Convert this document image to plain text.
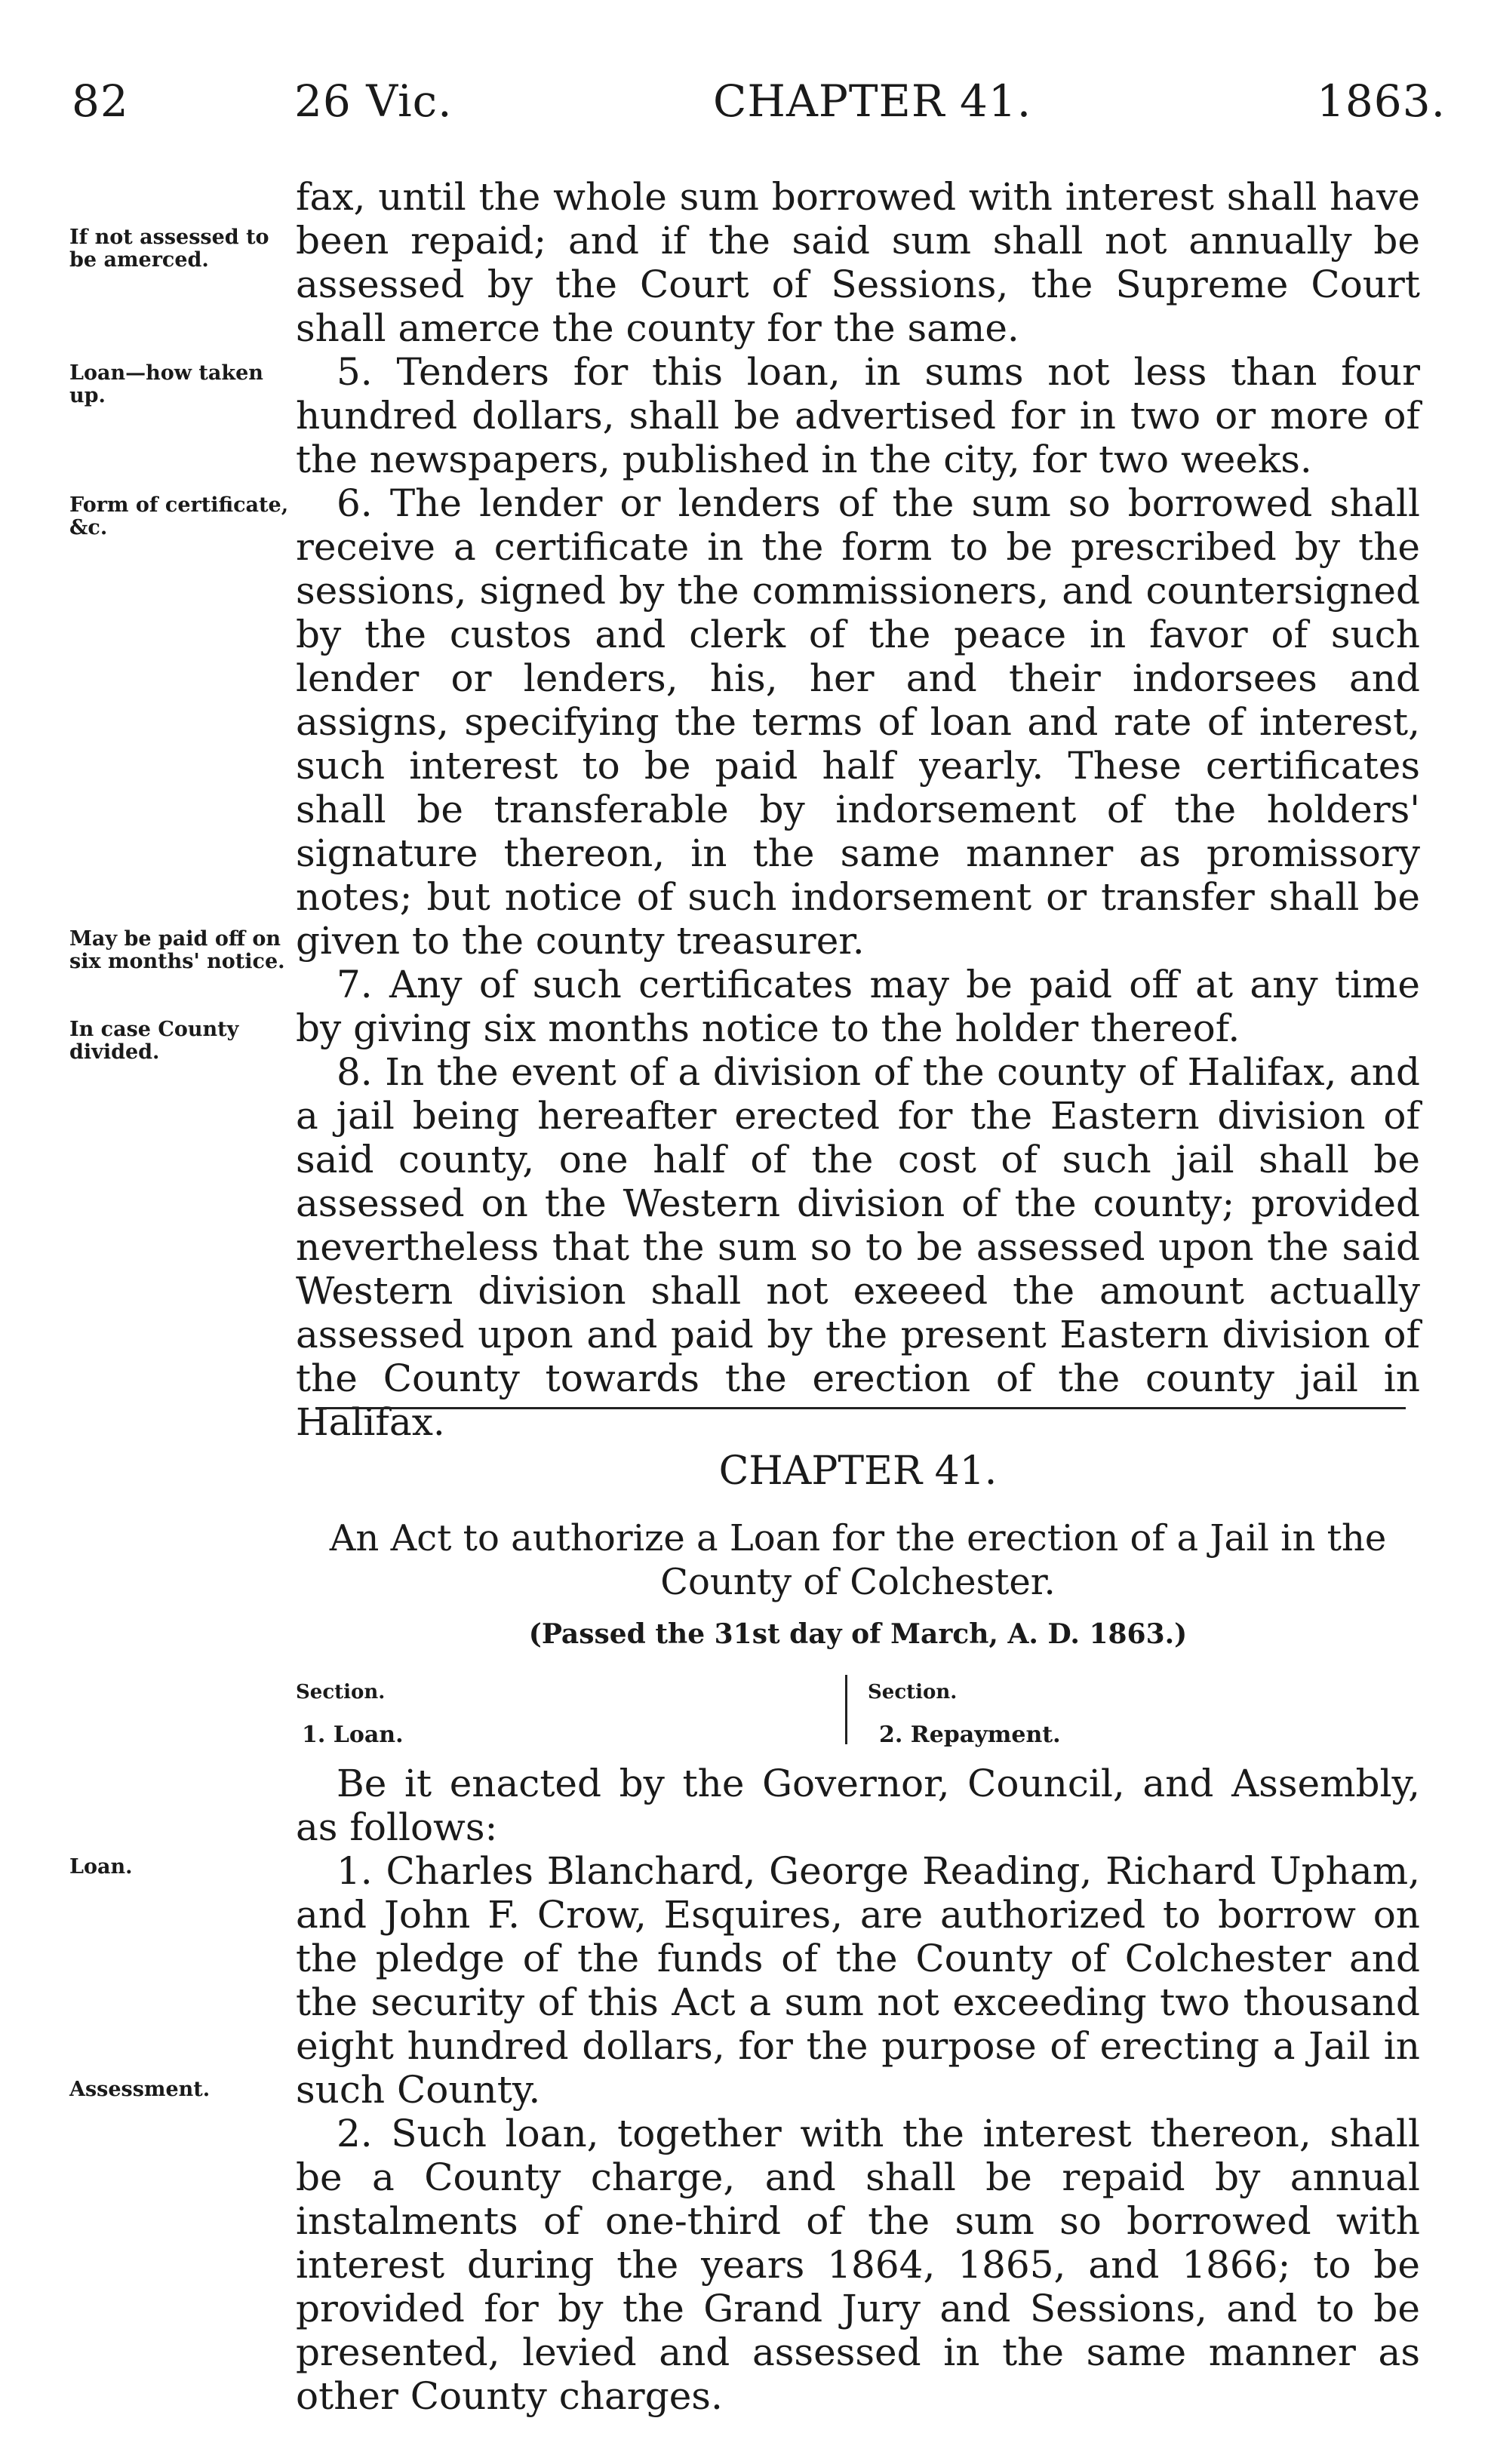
82	26 Vic.	CHAPTER 41.	1863.
If not assessed to be amerced.
Loan—how taken up.
Form of certificate, &c.
May be paid off on six months' notice.
In case County divided.
Loan.
Assessment.

fax, until the whole sum borrowed with interest shall have been repaid; and if the said sum shall not annually be assessed by the Court of Sessions, the Supreme Court shall amerce the county for the same.

5. Tenders for this loan, in sums not less than four hundred dollars, shall be advertised for in two or more of the newspapers, published in the city, for two weeks.

6. The lender or lenders of the sum so borrowed shall receive a certificate in the form to be prescribed by the sessions, signed by the commissioners, and countersigned by the custos and clerk of the peace in favor of such lender or lenders, his, her and their indorsees and assigns, specifying the terms of loan and rate of interest, such interest to be paid half yearly. These certificates shall be transferable by indorsement of the holders' signature thereon, in the same manner as promissory notes; but notice of such indorsement or transfer shall be given to the county treasurer.

7. Any of such certificates may be paid off at any time by giving six months notice to the holder thereof.

8. In the event of a division of the county of Halifax, and a jail being hereafter erected for the Eastern division of said county, one half of the cost of such jail shall be assessed on the Western division of the county; provided nevertheless that the sum so to be assessed upon the said Western division shall not exeeed the amount actually assessed upon and paid by the present Eastern division of the County towards the erection of the county jail in Halifax.

CHAPTER 41.
An Act to authorize a Loan for the erection of a Jail in the County of Colchester.
(Passed the 31st day of March, A. D. 1863.)
Section.
1. Loan.
Section.
2. Repayment.

Be it enacted by the Governor, Council, and Assembly, as follows:

1. Charles Blanchard, George Reading, Richard Upham, and John F. Crow, Esquires, are authorized to borrow on the pledge of the funds of the County of Colchester and the security of this Act a sum not exceeding two thousand eight hundred dollars, for the purpose of erecting a Jail in such County.

2. Such loan, together with the interest thereon, shall be a County charge, and shall be repaid by annual instalments of one-third of the sum so borrowed with interest during the years 1864, 1865, and 1866; to be provided for by the Grand Jury and Sessions, and to be presented, levied and assessed in the same manner as other County charges.
